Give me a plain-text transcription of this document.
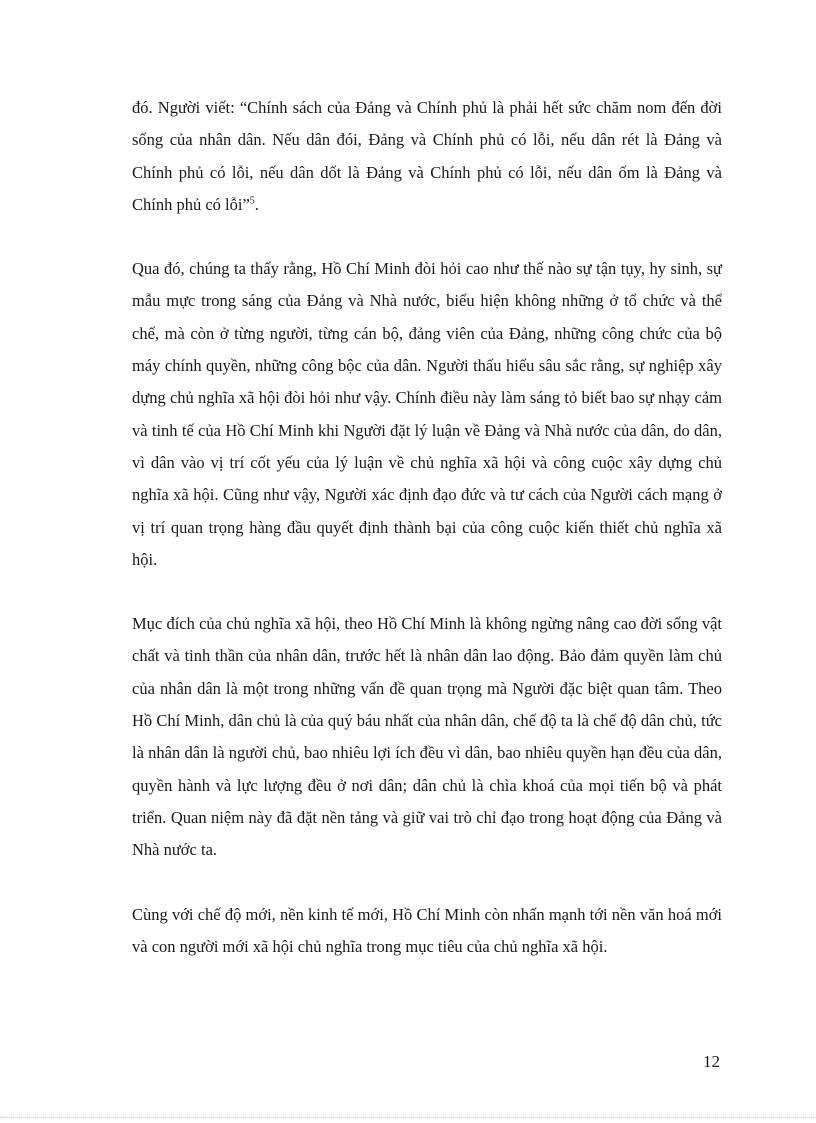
đó. Người viết: “Chính sách của Đảng và Chính phủ là phải hết sức chăm nom đến đời sống của nhân dân. Nếu dân đói, Đảng và Chính phủ có lỗi, nếu dân rét là Đảng và Chính phủ có lỗi, nếu dân dốt là Đảng và Chính phủ có lỗi, nếu dân ốm là Đảng và Chính phủ có lỗi”$^5$.

Qua đó, chúng ta thấy rằng, Hồ Chí Minh đòi hỏi cao như thế nào sự tận tụy, hy sinh, sự mẫu mực trong sáng của Đảng và Nhà nước, biểu hiện không những ở tổ chức và thể chế, mà còn ở từng người, từng cán bộ, đảng viên của Đảng, những công chức của bộ máy chính quyền, những công bộc của dân. Người thấu hiểu sâu sắc rằng, sự nghiệp xây dựng chủ nghĩa xã hội đòi hỏi như vậy. Chính điều này làm sáng tỏ biết bao sự nhạy cảm và tinh tế của Hồ Chí Minh khi Người đặt lý luận về Đảng và Nhà nước của dân, do dân, vì dân vào vị trí cốt yếu của lý luận về chủ nghĩa xã hội và công cuộc xây dựng chủ nghĩa xã hội. Cũng như vậy, Người xác định đạo đức và tư cách của Người cách mạng ở vị trí quan trọng hàng đầu quyết định thành bại của công cuộc kiến thiết chủ nghĩa xã hội.

Mục đích của chủ nghĩa xã hội, theo Hồ Chí Minh là không ngừng nâng cao đời sống vật chất và tinh thần của nhân dân, trước hết là nhân dân lao động. Bảo đảm quyền làm chủ của nhân dân là một trong những vấn đề quan trọng mà Người đặc biệt quan tâm. Theo Hồ Chí Minh, dân chủ là của quý báu nhất của nhân dân, chế độ ta là chế độ dân chủ, tức là nhân dân là người chủ, bao nhiêu lợi ích đều vì dân, bao nhiêu quyền hạn đều của dân, quyền hành và lực lượng đều ở nơi dân; dân chủ là chìa khoá của mọi tiến bộ và phát triển. Quan niệm này đã đặt nền tảng và giữ vai trò chỉ đạo trong hoạt động của Đảng và Nhà nước ta.

Cùng với chế độ mới, nền kinh tế mới, Hồ Chí Minh còn nhấn mạnh tới nền văn hoá mới và con người mới xã hội chủ nghĩa trong mục tiêu của chủ nghĩa xã hội.

12
